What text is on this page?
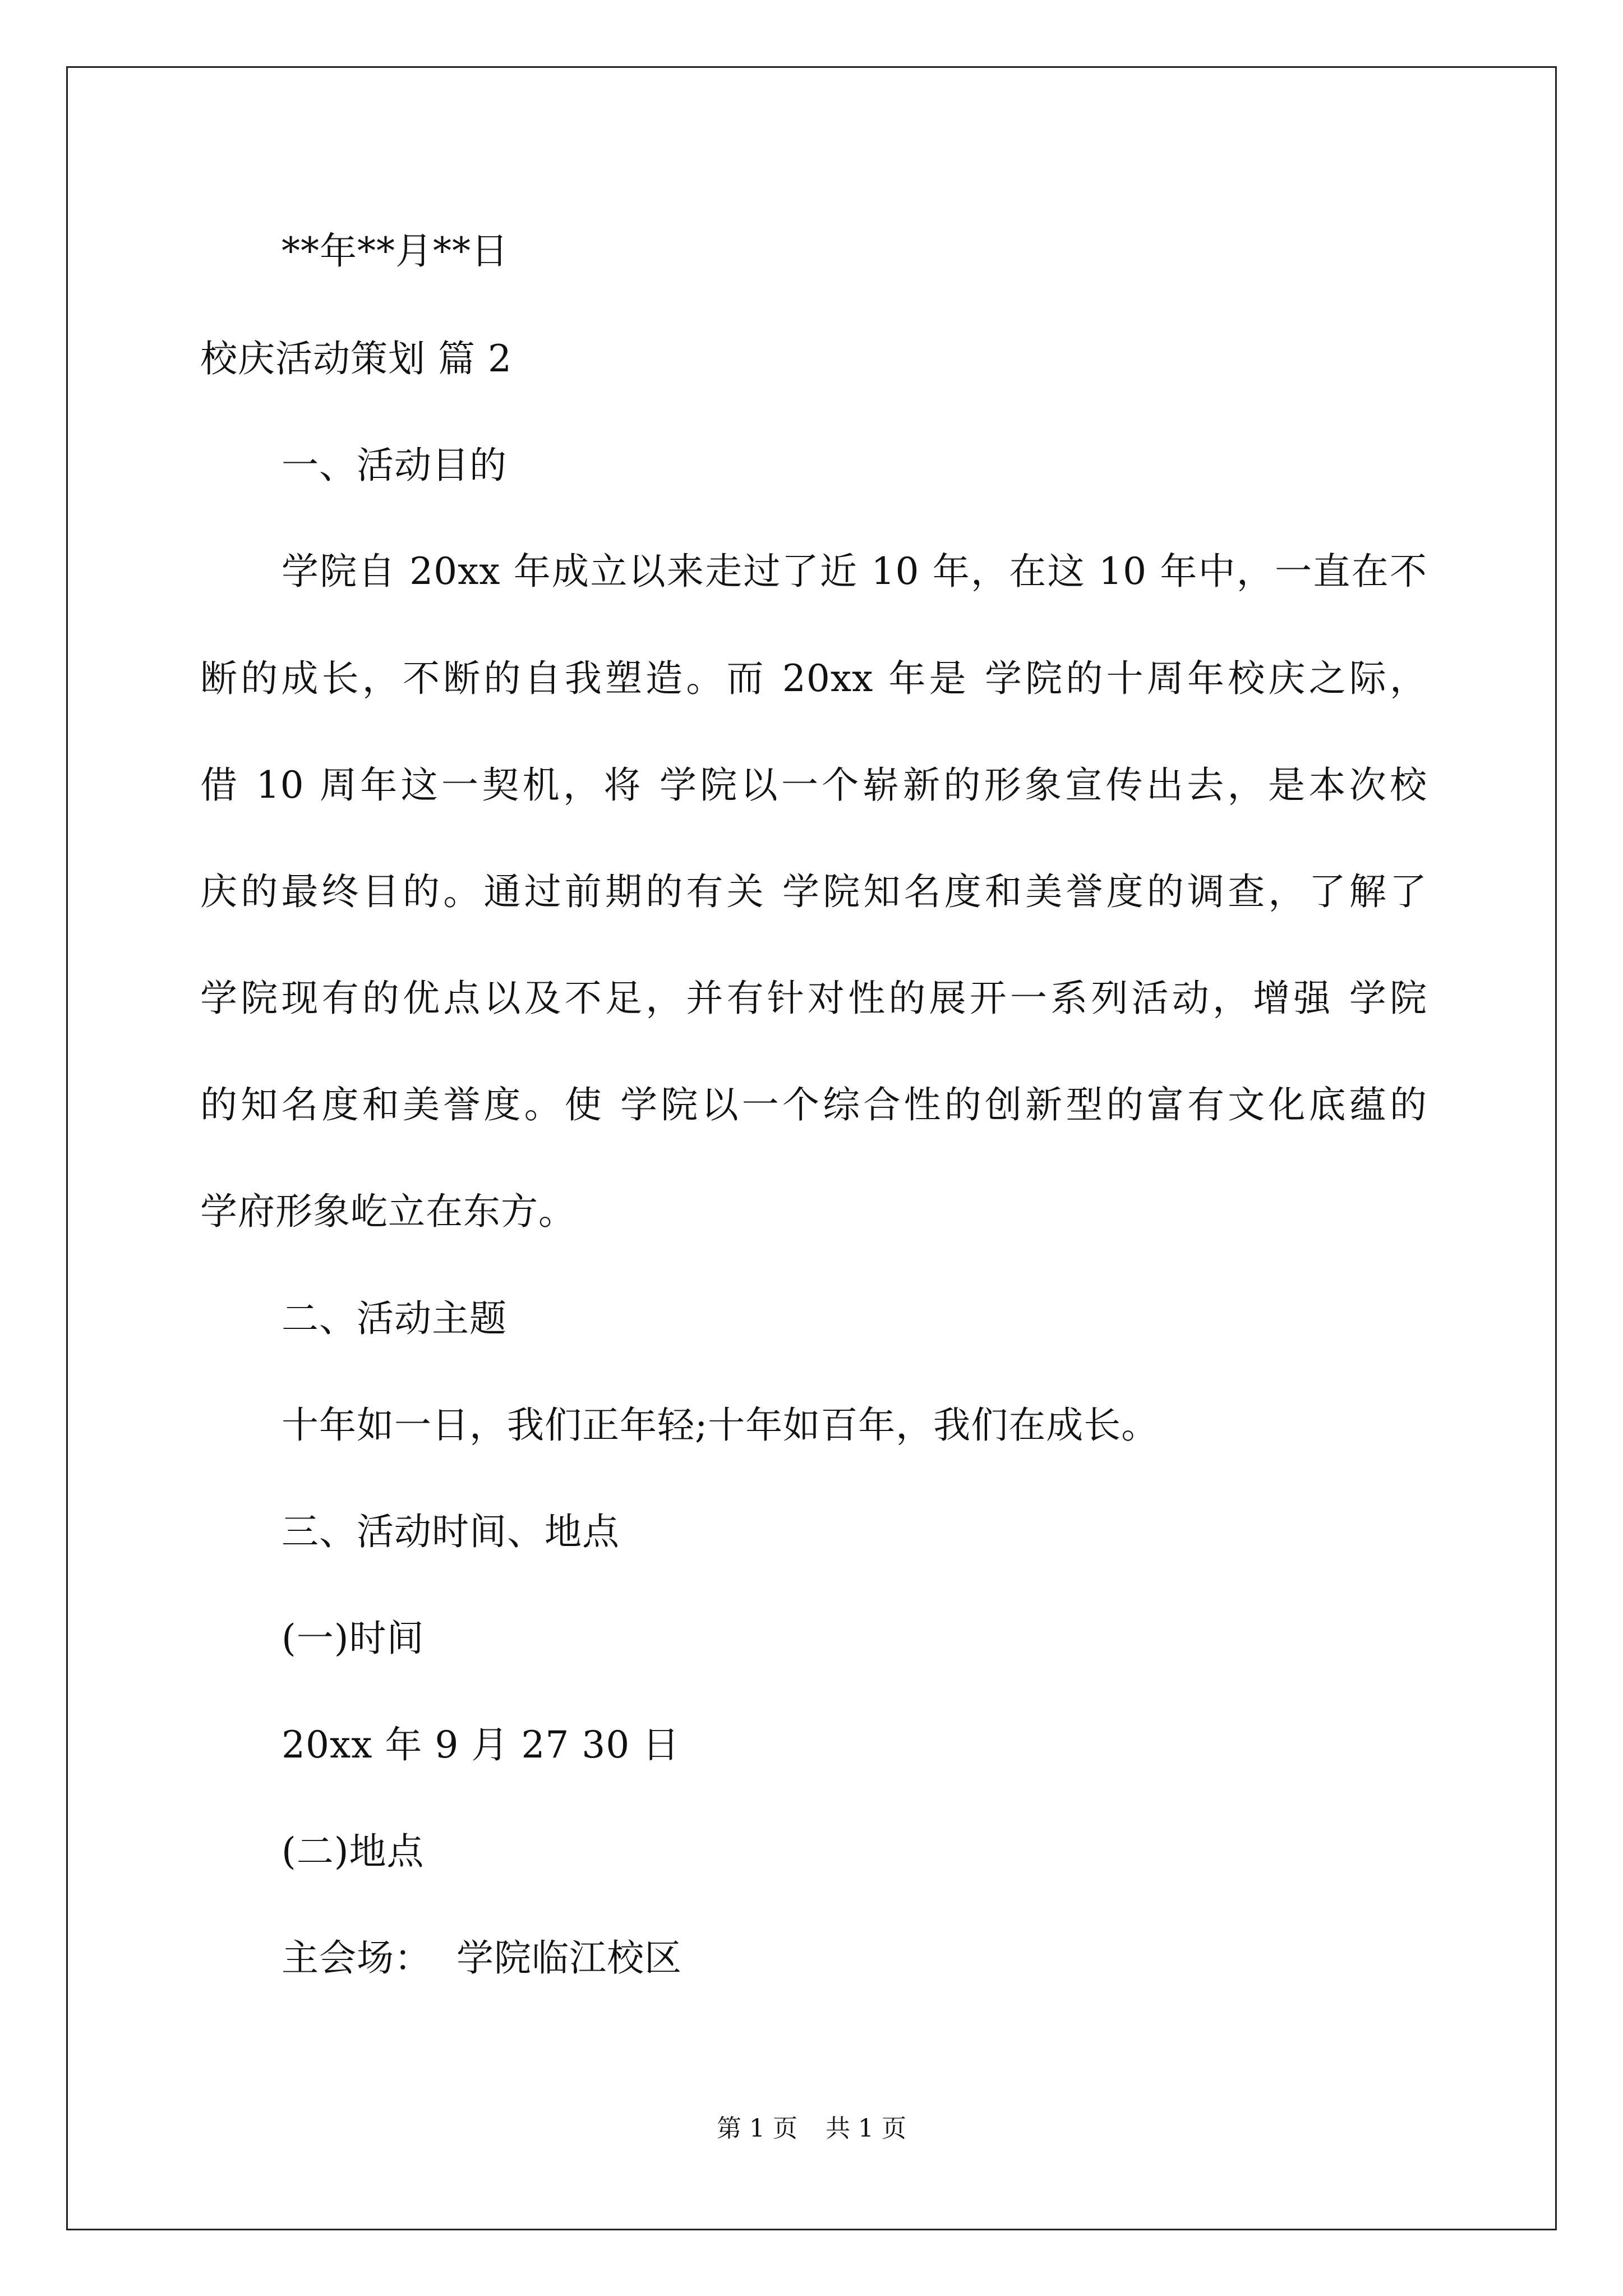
**年**月**日
校庆活动策划 篇 2
一、活动目的
学院自 20xx 年成立以来走过了近 10 年，在这 10 年中，一直在不
断的成长，不断的自我塑造。而 20xx 年是 学院的十周年校庆之际，
借 10 周年这一契机，将 学院以一个崭新的形象宣传出去，是本次校
庆的最终目的。通过前期的有关 学院知名度和美誉度的调查，了解了
学院现有的优点以及不足，并有针对性的展开一系列活动，增强 学院
的知名度和美誉度。使 学院以一个综合性的创新型的富有文化底蕴的
学府形象屹立在东方。
二、活动主题
十年如一日，我们正年轻;十年如百年，我们在成长。
三、活动时间、地点
(一)时间
20xx 年 9 月 27 30 日
(二)地点
主会场：  学院临江校区
第 1 页 共 1 页
